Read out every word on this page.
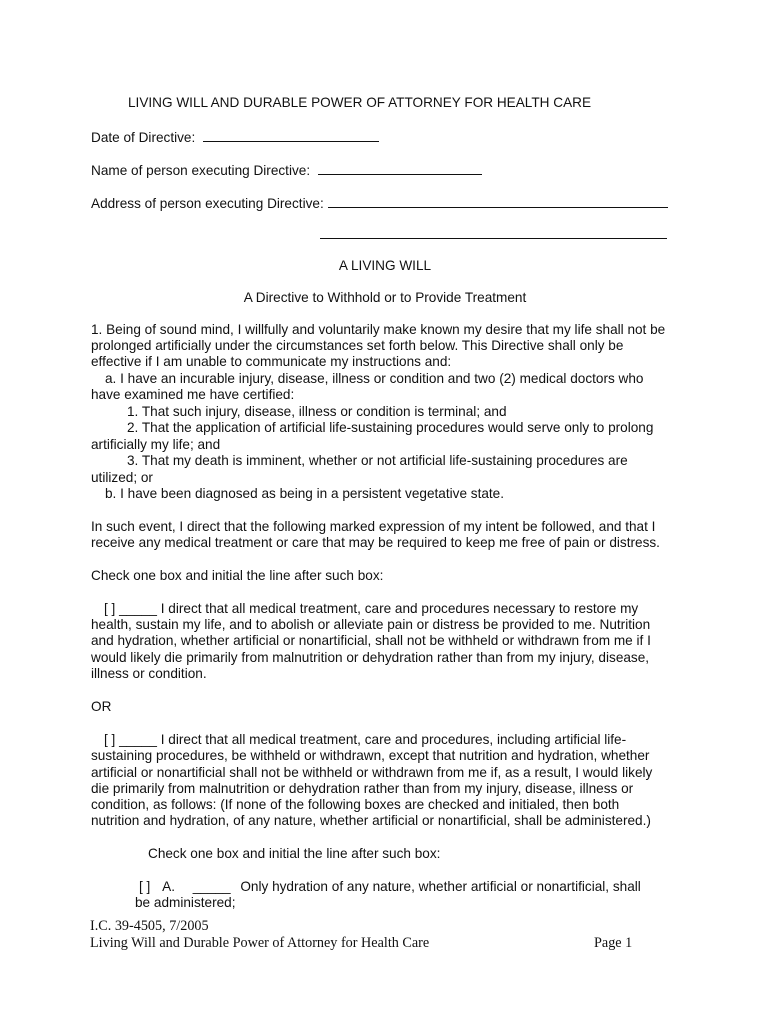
LIVING WILL AND DURABLE POWER OF ATTORNEY FOR HEALTH CARE
Date of Directive:
Name of person executing Directive:
Address of person executing Directive:
A LIVING WILL
A Directive to Withhold or to Provide Treatment
1. Being of sound mind, I willfully and voluntarily make known my desire that my life shall not be
prolonged artificially under the circumstances set forth below. This Directive shall only be
effective if I am unable to communicate my instructions and:
a. I have an incurable injury, disease, illness or condition and two (2) medical doctors who
have examined me have certified:
1. That such injury, disease, illness or condition is terminal; and
2. That the application of artificial life-sustaining procedures would serve only to prolong
artificially my life; and
3. That my death is imminent, whether or not artificial life-sustaining procedures are
utilized; or
b. I have been diagnosed as being in a persistent vegetative state.
In such event, I direct that the following marked expression of my intent be followed, and that I
receive any medical treatment or care that may be required to keep me free of pain or distress.
Check one box and initial the line after such box:
[ ] _____ I direct that all medical treatment, care and procedures necessary to restore my
health, sustain my life, and to abolish or alleviate pain or distress be provided to me. Nutrition
and hydration, whether artificial or nonartificial, shall not be withheld or withdrawn from me if I
would likely die primarily from malnutrition or dehydration rather than from my injury, disease,
illness or condition.
OR
[ ] _____ I direct that all medical treatment, care and procedures, including artificial life-
sustaining procedures, be withheld or withdrawn, except that nutrition and hydration, whether
artificial or nonartificial shall not be withheld or withdrawn from me if, as a result, I would likely
die primarily from malnutrition or dehydration rather than from my injury, disease, illness or
condition, as follows: (If none of the following boxes are checked and initialed, then both
nutrition and hydration, of any nature, whether artificial or nonartificial, shall be administered.)
Check one box and initial the line after such box:
[ ] A. _____ Only hydration of any nature, whether artificial or nonartificial, shall
be administered;
I.C. 39-4505, 7/2005
Living Will and Durable Power of Attorney for Health Care	Page 1
